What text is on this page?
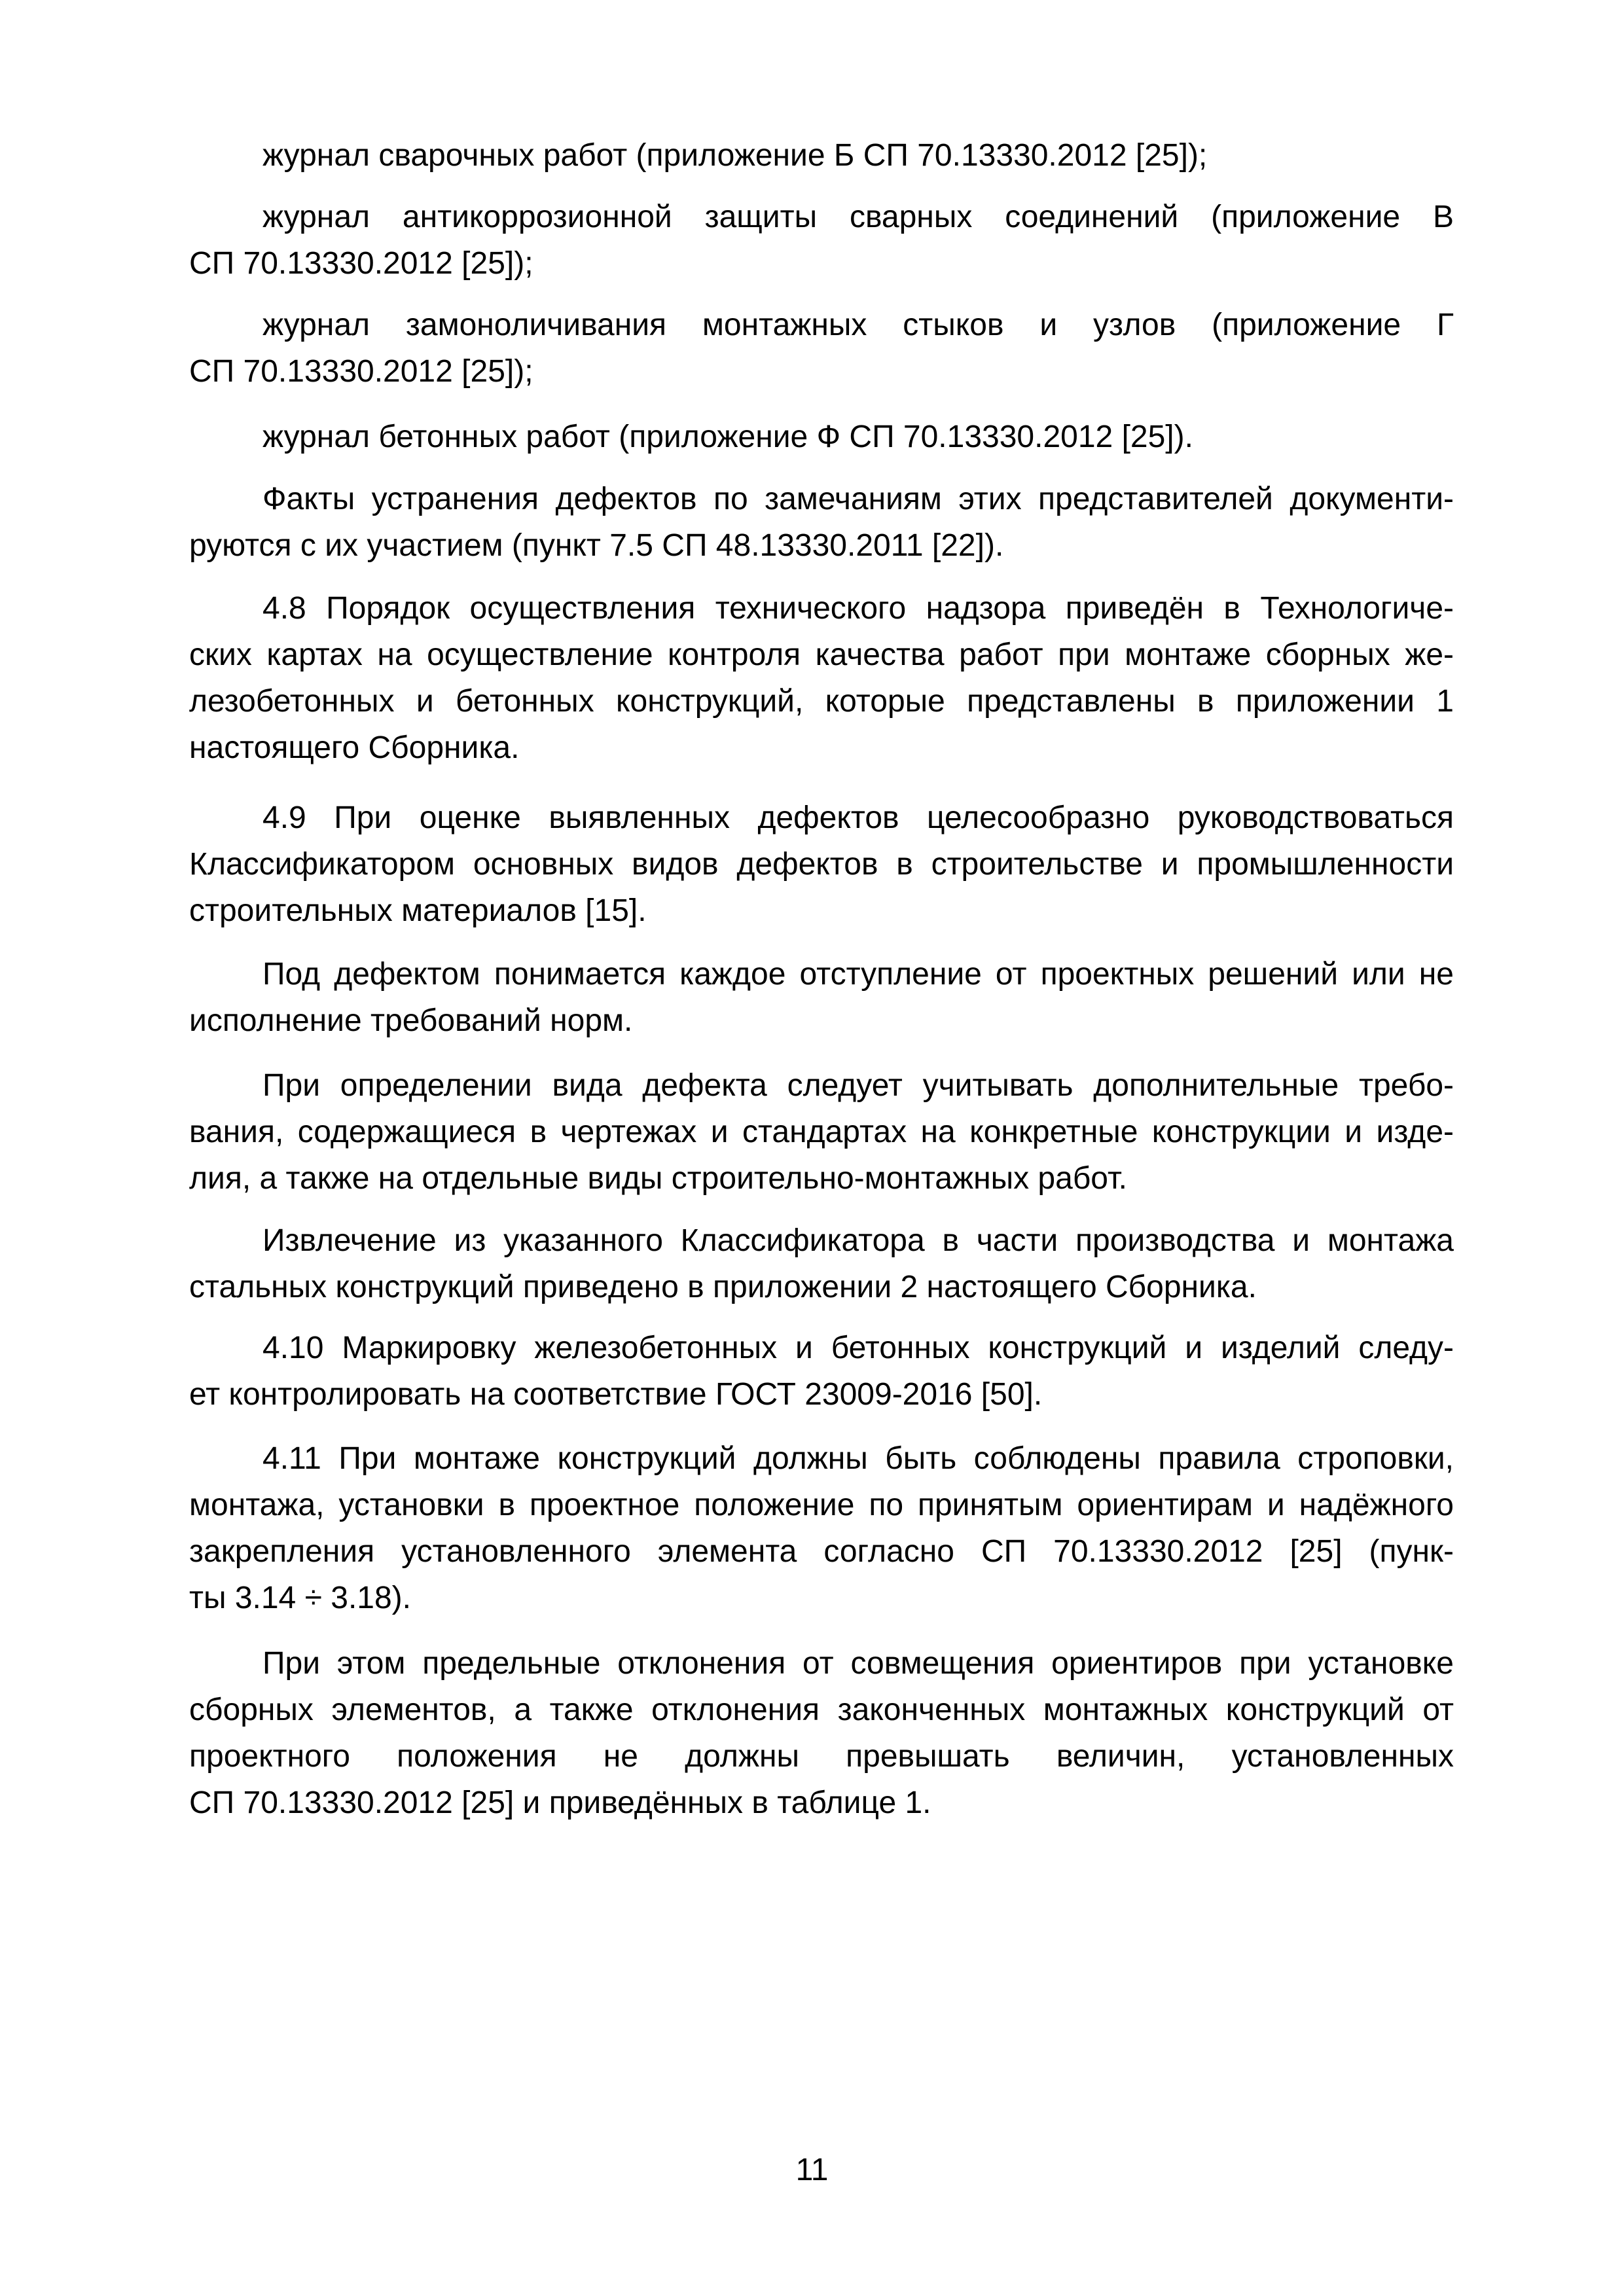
журнал сварочных работ (приложение Б СП 70.13330.2012 [25]);
журнал антикоррозионной защиты сварных соединений (приложение В
СП 70.13330.2012 [25]);
журнал замоноличивания монтажных стыков и узлов (приложение Г
СП 70.13330.2012 [25]);
журнал бетонных работ (приложение Ф СП 70.13330.2012 [25]).
Факты устранения дефектов по замечаниям этих представителей документи-
руются с их участием (пункт 7.5 СП 48.13330.2011 [22]).
4.8 Порядок осуществления технического надзора приведён в Технологиче-
ских картах на осуществление контроля качества работ при монтаже сборных же-
лезобетонных и бетонных конструкций, которые представлены в приложении 1
настоящего Сборника.
4.9 При оценке выявленных дефектов целесообразно руководствоваться
Классификатором основных видов дефектов в строительстве и промышленности
строительных материалов [15].
Под дефектом понимается каждое отступление от проектных решений или не
исполнение требований норм.
При определении вида дефекта следует учитывать дополнительные требо-
вания, содержащиеся в чертежах и стандартах на конкретные конструкции и изде-
лия, а также на отдельные виды строительно-монтажных работ.
Извлечение из указанного Классификатора в части производства и монтажа
стальных конструкций приведено в приложении 2 настоящего Сборника.
4.10 Маркировку железобетонных и бетонных конструкций и изделий следу-
ет контролировать на соответствие ГОСТ 23009-2016 [50].
4.11 При монтаже конструкций должны быть соблюдены правила строповки,
монтажа, установки в проектное положение по принятым ориентирам и надёжного
закрепления установленного элемента согласно СП 70.13330.2012 [25] (пунк-
ты 3.14 ÷ 3.18).
При этом предельные отклонения от совмещения ориентиров при установке
сборных элементов, а также отклонения законченных монтажных конструкций от
проектного положения не должны превышать величин, установленных
СП 70.13330.2012 [25] и приведённых в таблице 1.
11
